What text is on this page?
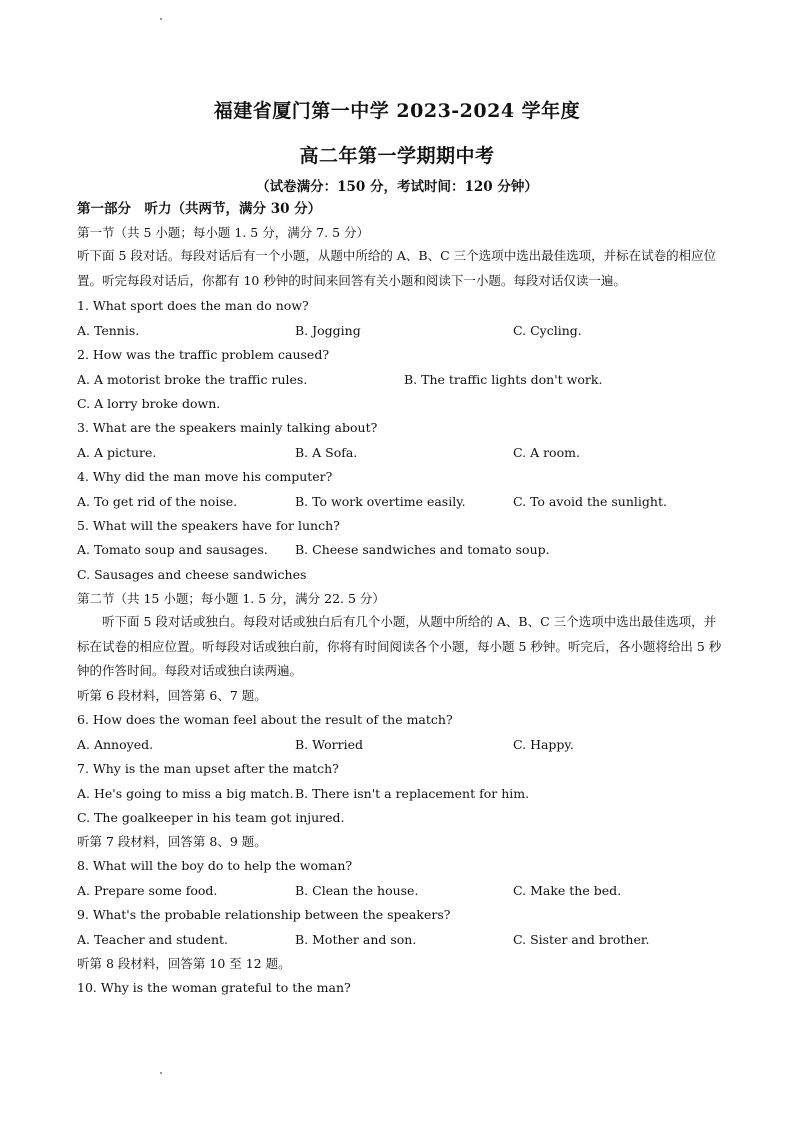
福建省厦门第一中学 2023-2024 学年度
高二年第一学期期中考
（试卷满分：150 分，考试时间：120 分钟）
第一部分　听力（共两节，满分 30 分）
第一节（共 5 小题；每小题 1. 5 分，满分 7. 5 分）
听下面 5 段对话。每段对话后有一个小题，从题中所给的 A、B、C 三个选项中选出最佳选项，并标在试卷的相应位置。听完每段对话后，你都有 10 秒钟的时间来回答有关小题和阅读下一小题。每段对话仅读一遍。
1. What sport does the man do now?
A. Tennis.	B. Jogging	C. Cycling.
2. How was the traffic problem caused?
A. A motorist broke the traffic rules.	B. The traffic lights don't work.
C. A lorry broke down.
3. What are the speakers mainly talking about?
A. A picture.	B. A Sofa.	C. A room.
4. Why did the man move his computer?
A. To get rid of the noise.	B. To work overtime easily.	C. To avoid the sunlight.
5. What will the speakers have for lunch?
A. Tomato soup and sausages. B. Cheese sandwiches and tomato soup.
C. Sausages and cheese sandwiches
第二节（共 15 小题；每小题 1. 5 分，满分 22. 5 分）
听下面 5 段对话或独白。每段对话或独白后有几个小题，从题中所给的 A、B、C 三个选项中选出最佳选项，并标在试卷的相应位置。听每段对话或独白前，你将有时间阅读各个小题，每小题 5 秒钟。听完后，各小题将给出 5 秒钟的作答时间。每段对话或独白读两遍。
听第 6 段材料，回答第 6、7 题。
6. How does the woman feel about the result of the match?
A. Annoyed.	B. Worried	C. Happy.
7. Why is the man upset after the match?
A. He's going to miss a big match. B. There isn't a replacement for him.
C. The goalkeeper in his team got injured.
听第 7 段材料，回答第 8、9 题。
8. What will the boy do to help the woman?
A. Prepare some food.	B. Clean the house.	C. Make the bed.
9. What's the probable relationship between the speakers?
A. Teacher and student.	B. Mother and son.	C. Sister and brother.
听第 8 段材料，回答第 10 至 12 题。
10. Why is the woman grateful to the man?
